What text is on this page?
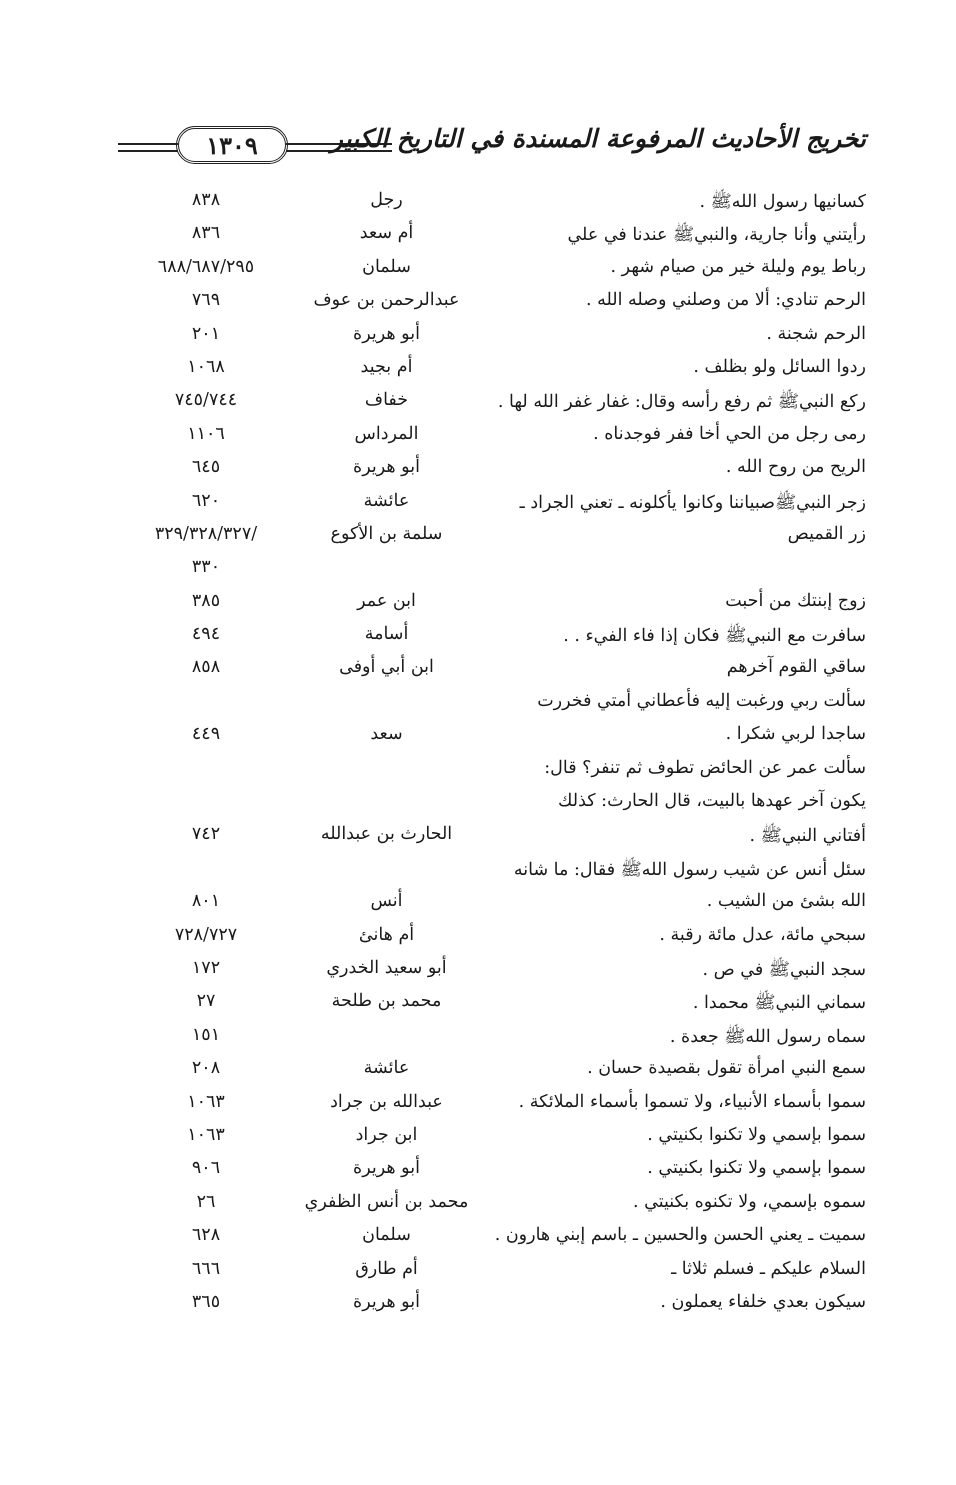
١٣٠٩	تخريج الأحاديث المرفوعة المسندة في التاريخ الكبير
كسانيها رسول اللهﷺ .
رجل
٨٣٨
رأيتني وأنا جارية، والنبيﷺ عندنا في علي
أم سعد
٨٣٦
رباط يوم وليلة خير من صيام شهر .
سلمان
٦٨٨/٦٨٧/٢٩٥
الرحم تنادي: ألا من وصلني وصله الله .
عبدالرحمن بن عوف
٧٦٩
الرحم شجنة .
أبو هريرة
٢٠١
ردوا السائل ولو بظلف .
أم بجيد
١٠٦٨
ركع النبيﷺ ثم رفع رأسه وقال: غفار غفر الله لها .
خفاف
٧٤٥/٧٤٤
رمى رجل من الحي أخا ففر فوجدناه .
المرداس
١١٠٦
الريح من روح الله .
أبو هريرة
٦٤٥
زجر النبيﷺصبياننا وكانوا يأكلونه ـ تعني الجراد ـ
عائشة
٦٢٠
زر القميص
سلمة بن الأكوع
/٣٢٩/٣٢٨/٣٢٧
٣٣٠
زوج إبنتك من أحبت
ابن عمر
٣٨٥
سافرت مع النبيﷺ فكان إذا فاء الفيء . .
أسامة
٤٩٤
ساقي القوم آخرهم
ابن أبي أوفى
٨٥٨
سألت ربي ورغبت إليه فأعطاني أمتي فخررت
ساجدا لربي شكرا .
سعد
٤٤٩
سألت عمر عن الحائض تطوف ثم تنفر؟ قال:
يكون آخر عهدها بالبيت، قال الحارث: كذلك
أفتاني النبيﷺ .
الحارث بن عبدالله
٧٤٢
سئل أنس عن شيب رسول اللهﷺ فقال: ما شانه
الله بشئ من الشيب .
أنس
٨٠١
سبحي مائة، عدل مائة رقبة .
أم هانئ
٧٢٨/٧٢٧
سجد النبيﷺ في ص .
أبو سعيد الخدري
١٧٢
سماني النبيﷺ محمدا .
محمد بن طلحة
٢٧
سماه رسول اللهﷺ جعدة .
١٥١
سمع النبي امرأة تقول بقصيدة حسان .
عائشة
٢٠٨
سموا بأسماء الأنبياء، ولا تسموا بأسماء الملائكة .
عبدالله بن جراد
١٠٦٣
سموا بإسمي ولا تكنوا بكنيتي .
ابن جراد
١٠٦٣
سموا بإسمي ولا تكنوا بكنيتي .
أبو هريرة
٩٠٦
سموه بإسمي، ولا تكنوه بكنيتي .
محمد بن أنس الظفري
٢٦
سميت ـ يعني الحسن والحسين ـ باسم إبني هارون .
سلمان
٦٢٨
السلام عليكم ـ فسلم ثلاثا ـ
أم طارق
٦٦٦
سيكون بعدي خلفاء يعملون .
أبو هريرة
٣٦٥
